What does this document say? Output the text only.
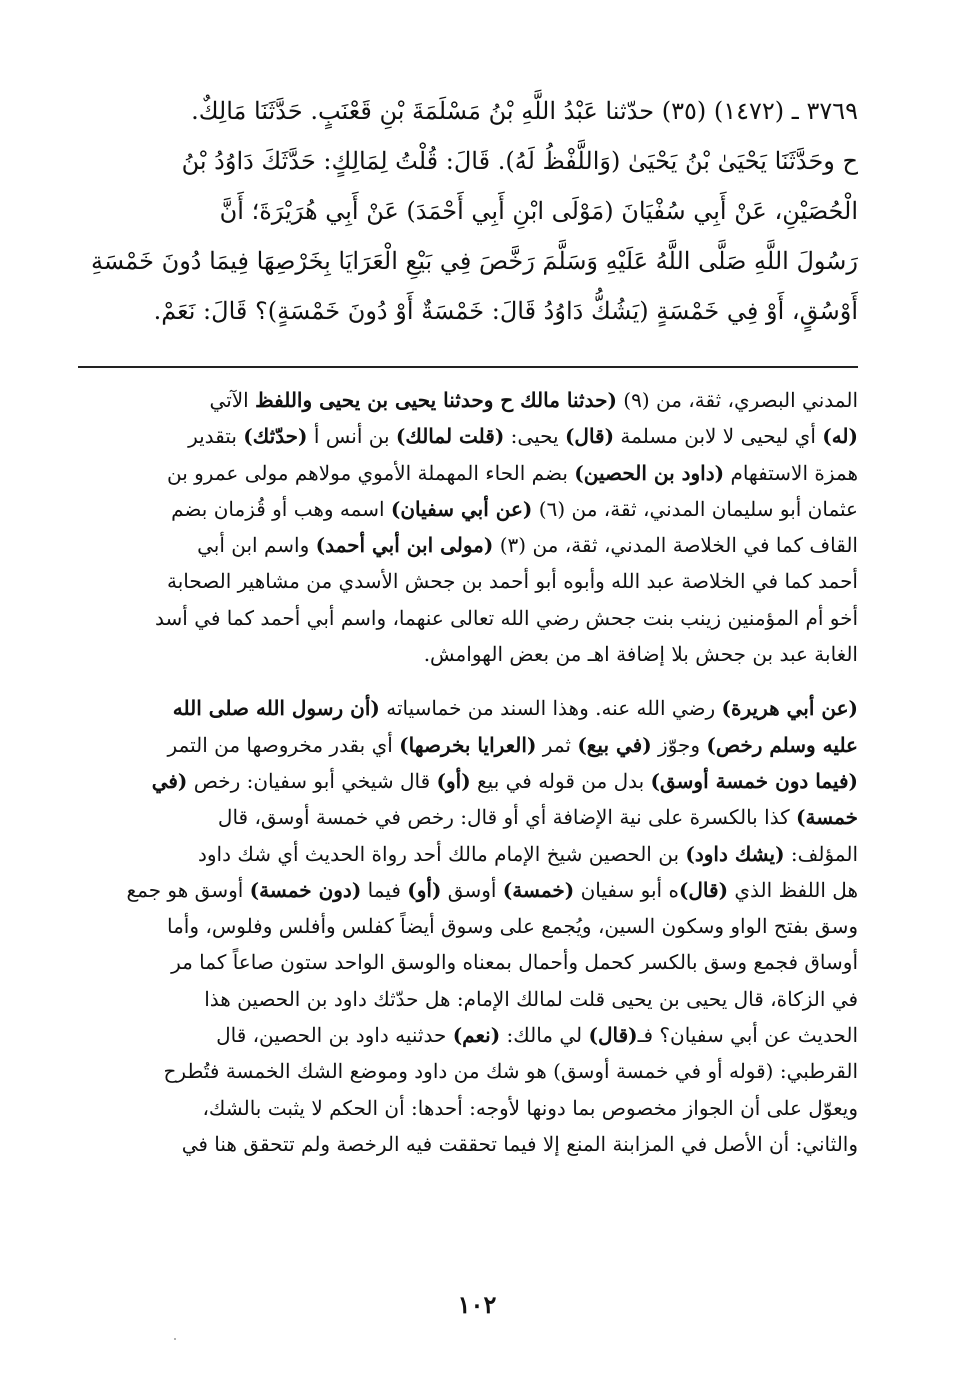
٣٧٦٩ ـ (١٤٧٢) (٣٥) حدّثنا عَبْدُ اللَّهِ بْنُ مَسْلَمَةَ بْنِ قَعْنَبٍ. حَدَّثَنَا مَالِكٌ.

ح وحَدَّثَنَا يَحْيَىٰ بْنُ يَحْيَىٰ (وَاللَّفْظُ لَهُ). قَالَ: قُلْتُ لِمَالِكٍ: حَدَّثَكَ دَاوُدُ بْنُ

الْحُصَيْنِ، عَنْ أَبِي سُفْيَانَ (مَوْلَى ابْنِ أَبِي أَحْمَدَ) عَنْ أَبِي هُرَيْرَةَ؛ أَنَّ

رَسُولَ اللَّهِ صَلَّى اللَّهُ عَلَيْهِ وَسَلَّمَ رَخَّصَ فِي بَيْعِ الْعَرَايَا بِخَرْصِهَا فِيمَا دُونَ خَمْسَةِ

أَوْسُقٍ، أَوْ فِي خَمْسَةٍ (يَشُكُّ دَاوُدُ قَالَ: خَمْسَةٌ أَوْ دُونَ خَمْسَةٍ)؟ قَالَ: نَعَمْ.

المدني البصري، ثقة، من (٩) (حدثنا مالك ح وحدثنا يحيى بن يحيى واللفظ الآتي

(له) أي ليحيى لا لابن مسلمة (قال) يحيى: (قلت لمالك) بن أنس أ (حدّثك) بتقدير

همزة الاستفهام (داود بن الحصين) بضم الحاء المهملة الأموي مولاهم مولى عمرو بن

عثمان أبو سليمان المدني، ثقة، من (٦) (عن أبي سفيان) اسمه وهب أو قُزمان بضم

القاف كما في الخلاصة المدني، ثقة، من (٣) (مولى ابن أبي أحمد) واسم ابن أبي

أحمد كما في الخلاصة عبد الله وأبوه أبو أحمد بن جحش الأسدي من مشاهير الصحابة

أخو أم المؤمنين زينب بنت جحش رضي الله تعالى عنهما، واسم أبي أحمد كما في أسد

الغابة عبد بن جحش بلا إضافة اهـ من بعض الهوامش.

(عن أبي هريرة) رضي الله عنه. وهذا السند من خماسياته (أن رسول الله صلى الله

عليه وسلم رخص) وجوّز (في بيع) ثمر (العرايا بخرصها) أي بقدر مخروصها من التمر

(فيما دون خمسة أوسق) بدل من قوله في بيع (أو) قال شيخي أبو سفيان: رخص (في

خمسة) كذا بالكسرة على نية الإضافة أي أو قال: رخص في خمسة أوسق، قال

المؤلف: (يشك داود) بن الحصين شيخ الإمام مالك أحد رواة الحديث أي شك داود

هل اللفظ الذي (قال)ه أبو سفيان (خمسة) أوسق (أو) فيما (دون خمسة) أوسق هو جمع

وسق بفتح الواو وسكون السين، ويُجمع على وسوق أيضاً كفلس وأفلس وفلوس، وأما

أوساق فجمع وسق بالكسر كحمل وأحمال بمعناه والوسق الواحد ستون صاعاً كما مر

في الزكاة، قال يحيى بن يحيى قلت لمالك الإمام: هل حدّثك داود بن الحصين هذا

الحديث عن أبي سفيان؟ فـ(قال) لي مالك: (نعم) حدثنيه داود بن الحصين، قال

القرطبي: (قوله أو في خمسة أوسق) هو شك من داود وموضع الشك الخمسة فتُطرح

ويعوّل على أن الجواز مخصوص بما دونها لأوجه: أحدها: أن الحكم لا يثبت بالشك،

والثاني: أن الأصل في المزابنة المنع إلا فيما تحققت فيه الرخصة ولم تتحقق هنا في

١٠٢
